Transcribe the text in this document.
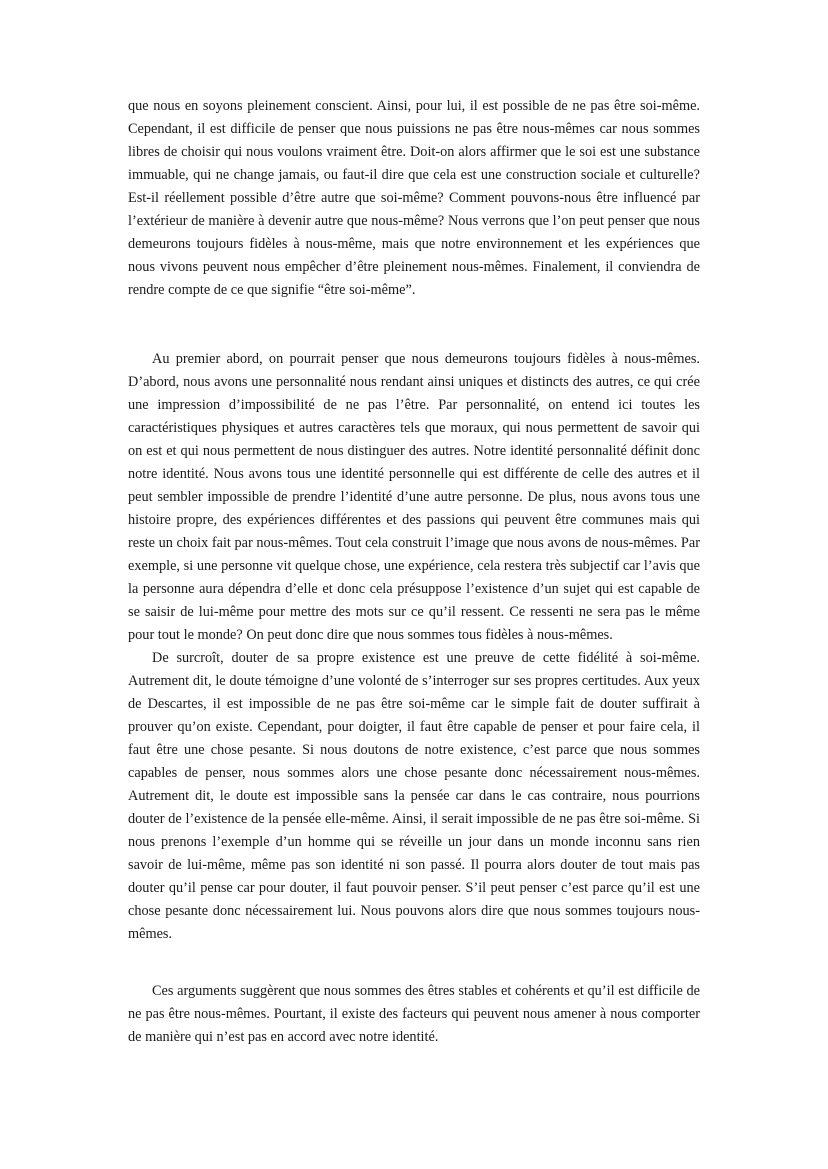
que nous en soyons pleinement conscient. Ainsi, pour lui, il est possible de ne pas être soi-même. Cependant, il est difficile de penser que nous puissions ne pas être nous-mêmes car nous sommes libres de choisir qui nous voulons vraiment être. Doit-on alors affirmer que le soi est une substance immuable, qui ne change jamais, ou faut-il dire que cela est une construction sociale et culturelle? Est-il réellement possible d’être autre que soi-même? Comment pouvons-nous être influencé par l’extérieur de manière à devenir autre que nous-même? Nous verrons que l’on peut penser que nous demeurons toujours fidèles à nous-même, mais que notre environnement et les expériences que nous vivons peuvent nous empêcher d’être pleinement nous-mêmes. Finalement, il conviendra de rendre compte de ce que signifie “être soi-même”.

Au premier abord, on pourrait penser que nous demeurons toujours fidèles à nous-mêmes. D’abord, nous avons une personnalité nous rendant ainsi uniques et distincts des autres, ce qui crée une impression d’impossibilité de ne pas l’être. Par personnalité, on entend ici toutes les caractéristiques physiques et autres caractères tels que moraux, qui nous permettent de savoir qui on est et qui nous permettent de nous distinguer des autres. Notre identité personnalité définit donc notre identité. Nous avons tous une identité personnelle qui est différente de celle des autres et il peut sembler impossible de prendre l’identité d’une autre personne. De plus, nous avons tous une histoire propre, des expériences différentes et des passions qui peuvent être communes mais qui reste un choix fait par nous-mêmes. Tout cela construit l’image que nous avons de nous-mêmes. Par exemple, si une personne vit quelque chose, une expérience, cela restera très subjectif car l’avis que la personne aura dépendra d’elle et donc cela présuppose l’existence d’un sujet qui est capable de se saisir de lui-même pour mettre des mots sur ce qu’il ressent. Ce ressenti ne sera pas le même pour tout le monde? On peut donc dire que nous sommes tous fidèles à nous-mêmes.

De surcroît, douter de sa propre existence est une preuve de cette fidélité à soi-même. Autrement dit, le doute témoigne d’une volonté de s’interroger sur ses propres certitudes. Aux yeux de Descartes, il est impossible de ne pas être soi-même car le simple fait de douter suffirait à prouver qu’on existe. Cependant, pour doigter, il faut être capable de penser et pour faire cela, il faut être une chose pesante. Si nous doutons de notre existence, c’est parce que nous sommes capables de penser, nous sommes alors une chose pesante donc nécessairement nous-mêmes. Autrement dit, le doute est impossible sans la pensée car dans le cas contraire, nous pourrions douter de l’existence de la pensée elle-même. Ainsi, il serait impossible de ne pas être soi-même. Si nous prenons l’exemple d’un homme qui se réveille un jour dans un monde inconnu sans rien savoir de lui-même, même pas son identité ni son passé. Il pourra alors douter de tout mais pas douter qu’il pense car pour douter, il faut pouvoir penser. S’il peut penser c’est parce qu’il est une chose pesante donc nécessairement lui. Nous pouvons alors dire que nous sommes toujours nous-mêmes.

Ces arguments suggèrent que nous sommes des êtres stables et cohérents et qu’il est difficile de ne pas être nous-mêmes. Pourtant, il existe des facteurs qui peuvent nous amener à nous comporter de manière qui n’est pas en accord avec notre identité.
